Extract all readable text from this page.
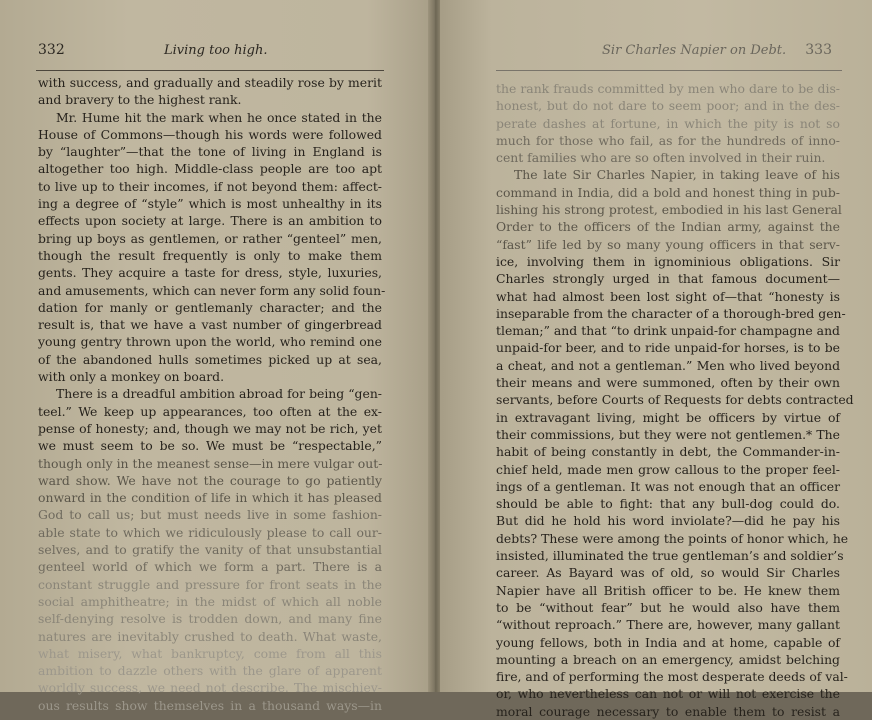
332	Living too high.
with success, and gradually and steadily rose by merit
and bravery to the highest rank.
Mr. Hume hit the mark when he once stated in the
House of Commons—though his words were followed
by “laughter”—that the tone of living in England is
altogether too high. Middle-class people are too apt
to live up to their incomes, if not beyond them: affect-
ing a degree of “style” which is most unhealthy in its
effects upon society at large. There is an ambition to
bring up boys as gentlemen, or rather “genteel” men,
though the result frequently is only to make them
gents. They acquire a taste for dress, style, luxuries,
and amusements, which can never form any solid foun-
dation for manly or gentlemanly character; and the
result is, that we have a vast number of gingerbread
young gentry thrown upon the world, who remind one
of the abandoned hulls sometimes picked up at sea,
with only a monkey on board.
There is a dreadful ambition abroad for being “gen-
teel.” We keep up appearances, too often at the ex-
pense of honesty; and, though we may not be rich, yet
we must seem to be so. We must be “respectable,”
though only in the meanest sense—in mere vulgar out-
ward show. We have not the courage to go patiently
onward in the condition of life in which it has pleased
God to call us; but must needs live in some fashion-
able state to which we ridiculously please to call our-
selves, and to gratify the vanity of that unsubstantial
genteel world of which we form a part. There is a
constant struggle and pressure for front seats in the
social amphitheatre; in the midst of which all noble
self-denying resolve is trodden down, and many fine
natures are inevitably crushed to death. What waste,
what misery, what bankruptcy, come from all this
ambition to dazzle others with the glare of apparent
worldly success, we need not describe. The mischiev-
ous results show themselves in a thousand ways—in
Sir Charles Napier on Debt. 333
the rank frauds committed by men who dare to be dis-
honest, but do not dare to seem poor; and in the des-
perate dashes at fortune, in which the pity is not so
much for those who fail, as for the hundreds of inno-
cent families who are so often involved in their ruin.
The late Sir Charles Napier, in taking leave of his
command in India, did a bold and honest thing in pub-
lishing his strong protest, embodied in his last General
Order to the officers of the Indian army, against the
“fast” life led by so many young officers in that serv-
ice, involving them in ignominious obligations. Sir
Charles strongly urged in that famous document—
what had almost been lost sight of—that “honesty is
inseparable from the character of a thorough-bred gen-
tleman;” and that “to drink unpaid-for champagne and
unpaid-for beer, and to ride unpaid-for horses, is to be
a cheat, and not a gentleman.” Men who lived beyond
their means and were summoned, often by their own
servants, before Courts of Requests for debts contracted
in extravagant living, might be officers by virtue of
their commissions, but they were not gentlemen.* The
habit of being constantly in debt, the Commander-in-
chief held, made men grow callous to the proper feel-
ings of a gentleman. It was not enough that an officer
should be able to fight: that any bull-dog could do.
But did he hold his word inviolate?—did he pay his
debts? These were among the points of honor which, he
insisted, illuminated the true gentleman’s and soldier’s
career. As Bayard was of old, so would Sir Charles
Napier have all British officer to be. He knew them
to be “without fear” but he would also have them
“without reproach.” There are, however, many gallant
young fellows, both in India and at home, capable of
mounting a breach on an emergency, amidst belching
fire, and of performing the most desperate deeds of val-
or, who nevertheless can not or will not exercise the
moral courage necessary to enable them to resist a
